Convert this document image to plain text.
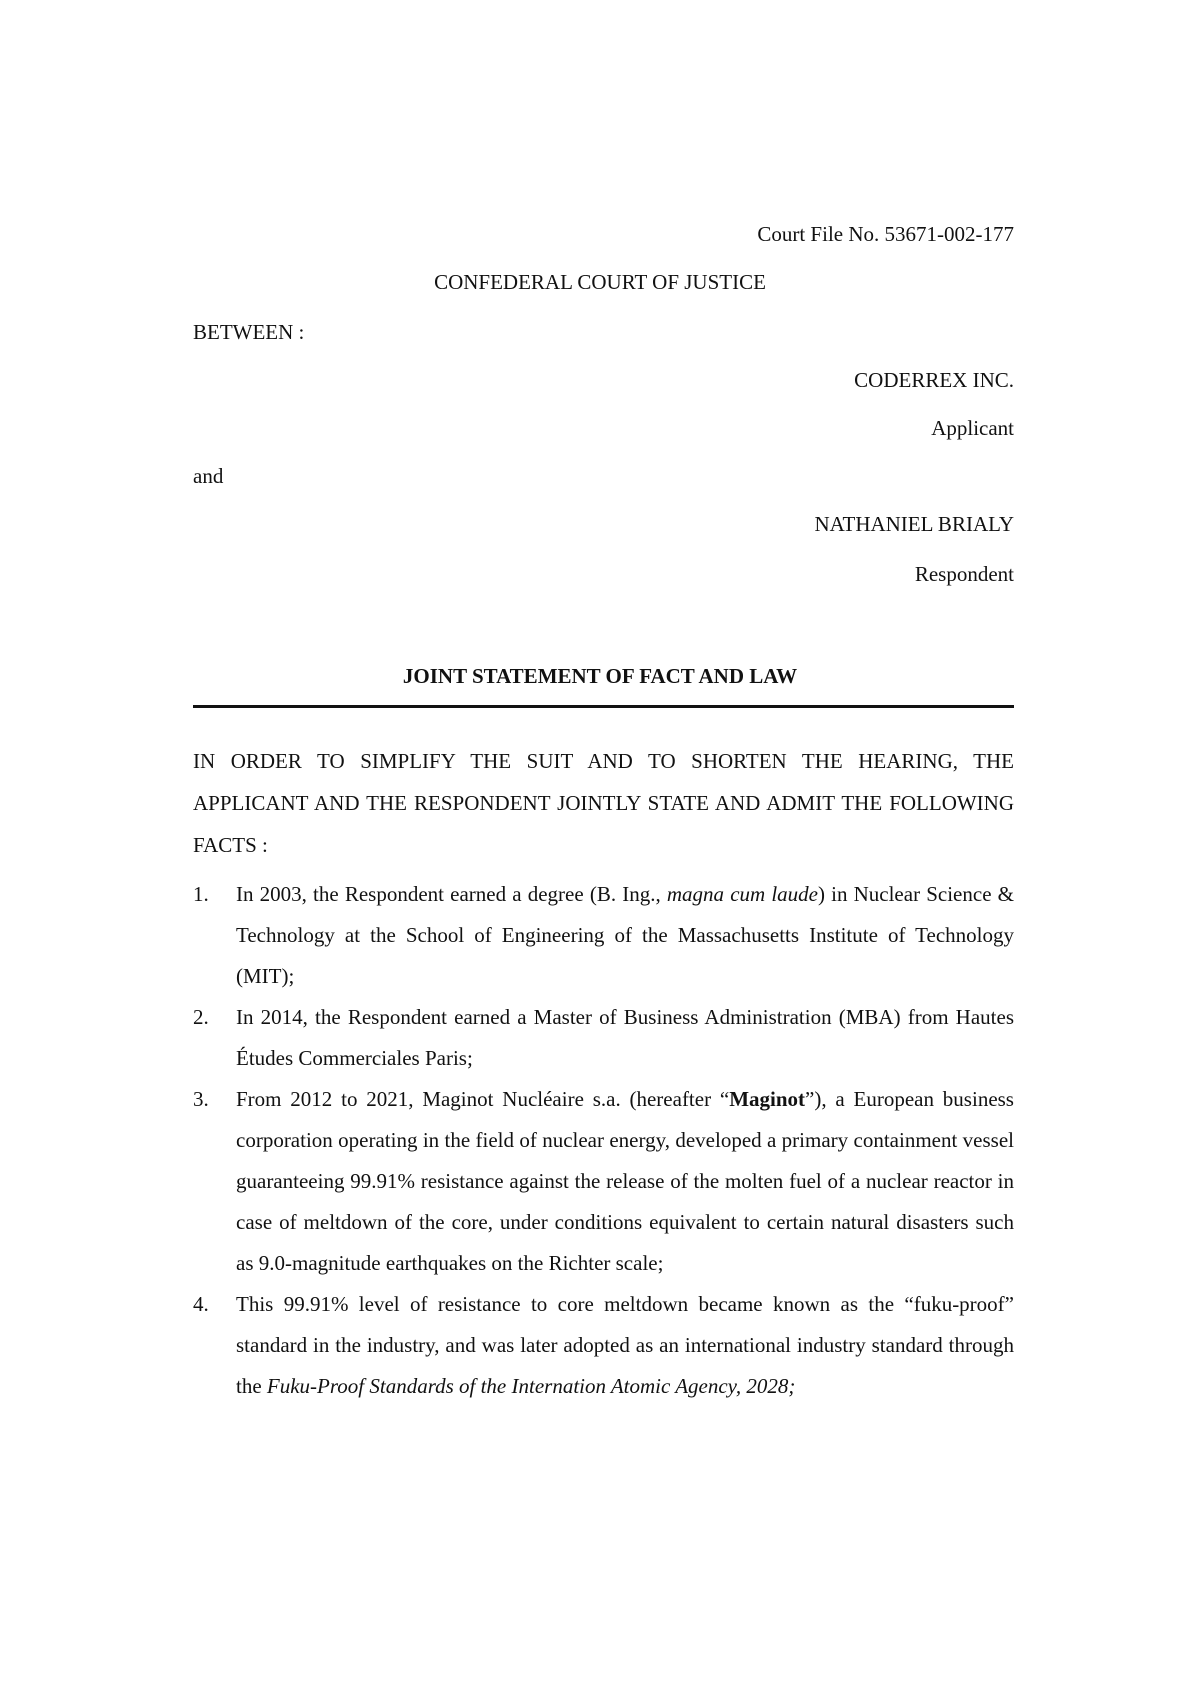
Court File No. 53671-002-177
CONFEDERAL COURT OF JUSTICE
BETWEEN :
CODERREX INC.
Applicant
and
NATHANIEL BRIALY
Respondent
JOINT STATEMENT OF FACT AND LAW
IN ORDER TO SIMPLIFY THE SUIT AND TO SHORTEN THE HEARING, THE APPLICANT AND THE RESPONDENT JOINTLY STATE AND ADMIT THE FOLLOWING FACTS :
1. In 2003, the Respondent earned a degree (B. Ing., magna cum laude) in Nuclear Science & Technology at the School of Engineering of the Massachusetts Institute of Technology (MIT);
2. In 2014, the Respondent earned a Master of Business Administration (MBA) from Hautes Études Commerciales Paris;
3. From 2012 to 2021, Maginot Nucléaire s.a. (hereafter “Maginot”), a European business corporation operating in the field of nuclear energy, developed a primary containment vessel guaranteeing 99.91% resistance against the release of the molten fuel of a nuclear reactor in case of meltdown of the core, under conditions equivalent to certain natural disasters such as 9.0-magnitude earthquakes on the Richter scale;
4. This 99.91% level of resistance to core meltdown became known as the “fuku-proof” standard in the industry, and was later adopted as an international industry standard through the Fuku-Proof Standards of the Internation Atomic Agency, 2028;
